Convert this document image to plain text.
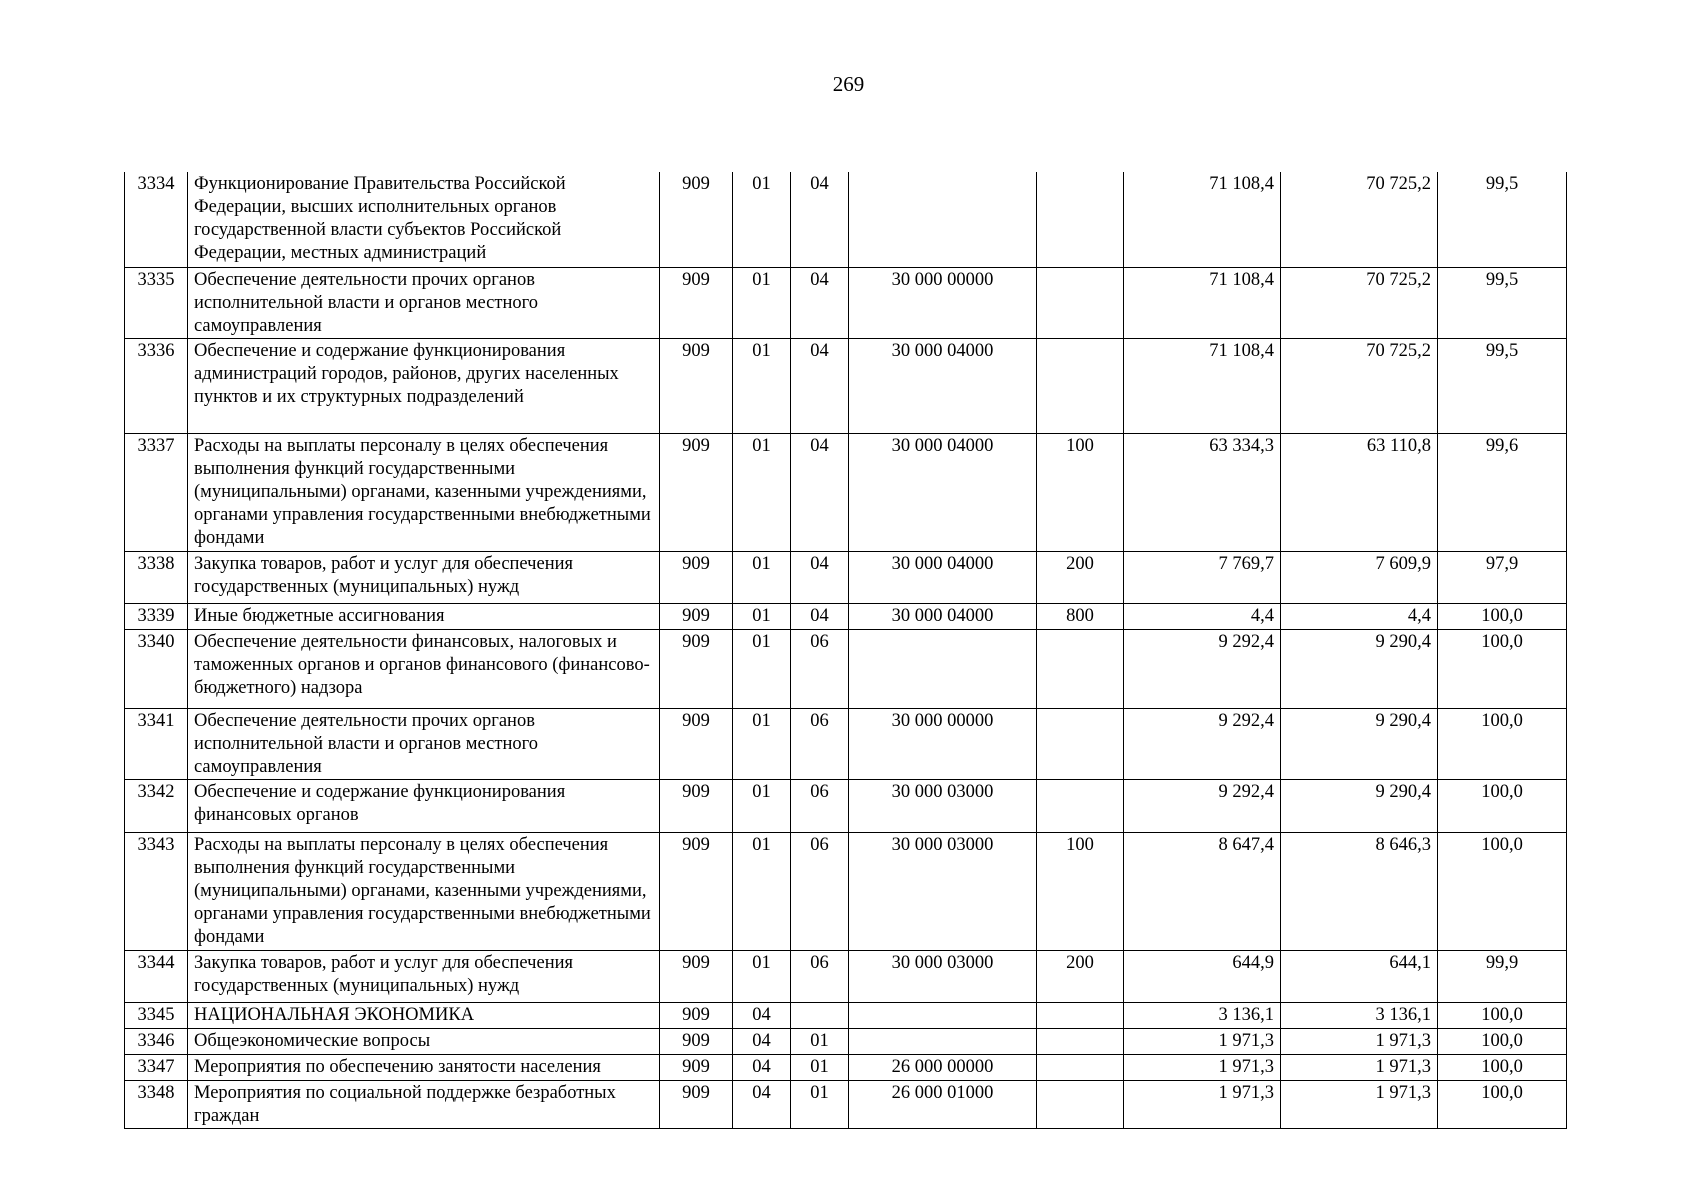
269
3334	Функционирование Правительства Российской Федерации, высших исполнительных органов государственной власти субъектов Российской Федерации, местных администраций	909	01	04			71 108,4	70 725,2	99,5
3335	Обеспечение деятельности прочих органов исполнительной власти и органов местного самоуправления	909	01	04	30 000 00000		71 108,4	70 725,2	99,5
3336	Обеспечение и содержание функционирования администраций городов, районов, других населенных пунктов и их структурных подразделений	909	01	04	30 000 04000		71 108,4	70 725,2	99,5
3337	Расходы на выплаты персоналу в целях обеспечения выполнения функций государственными (муниципальными) органами, казенными учреждениями, органами управления государственными внебюджетными фондами	909	01	04	30 000 04000	100	63 334,3	63 110,8	99,6
3338	Закупка товаров, работ и услуг для обеспечения государственных (муниципальных) нужд	909	01	04	30 000 04000	200	7 769,7	7 609,9	97,9
3339	Иные бюджетные ассигнования	909	01	04	30 000 04000	800	4,4	4,4	100,0
3340	Обеспечение деятельности финансовых, налоговых и таможенных органов и органов финансового (финансово-бюджетного) надзора	909	01	06			9 292,4	9 290,4	100,0
3341	Обеспечение деятельности прочих органов исполнительной власти и органов местного самоуправления	909	01	06	30 000 00000		9 292,4	9 290,4	100,0
3342	Обеспечение и содержание функционирования финансовых органов	909	01	06	30 000 03000		9 292,4	9 290,4	100,0
3343	Расходы на выплаты персоналу в целях обеспечения выполнения функций государственными (муниципальными) органами, казенными учреждениями, органами управления государственными внебюджетными фондами	909	01	06	30 000 03000	100	8 647,4	8 646,3	100,0
3344	Закупка товаров, работ и услуг для обеспечения государственных (муниципальных) нужд	909	01	06	30 000 03000	200	644,9	644,1	99,9
3345	НАЦИОНАЛЬНАЯ ЭКОНОМИКА	909	04				3 136,1	3 136,1	100,0
3346	Общеэкономические вопросы	909	04	01			1 971,3	1 971,3	100,0
3347	Мероприятия по обеспечению занятости населения	909	04	01	26 000 00000		1 971,3	1 971,3	100,0
3348	Мероприятия по социальной поддержке безработных граждан	909	04	01	26 000 01000		1 971,3	1 971,3	100,0
